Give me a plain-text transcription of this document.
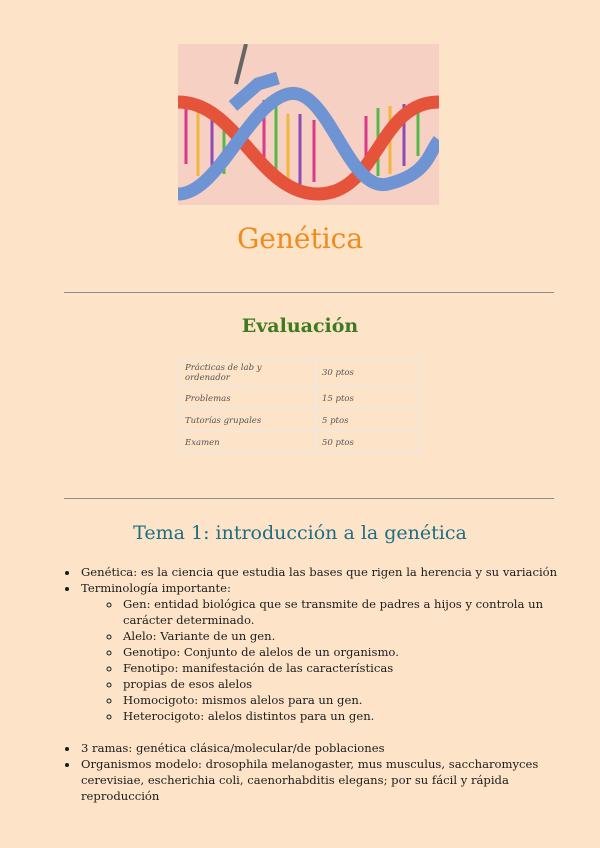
Genética
Evaluación
Prácticas de lab y ordenador	30 ptos
Problemas	15 ptos
Tutorías grupales	5 ptos
Examen	50 ptos
Tema 1: introducción a la genética
• Genética: es la ciencia que estudia las bases que rigen la herencia y su variación
• Terminología importante:
◦ Gen: entidad biológica que se transmite de padres a hijos y controla un carácter determinado.
◦ Alelo: Variante de un gen.
◦ Genotipo: Conjunto de alelos de un organismo.
◦ Fenotipo: manifestación de las características
◦ propias de esos alelos
◦ Homocigoto: mismos alelos para un gen.
◦ Heterocigoto: alelos distintos para un gen.
• 3 ramas: genética clásica/molecular/de poblaciones
• Organismos modelo: drosophila melanogaster, mus musculus, saccharomyces cerevisiae, escherichia coli, caenorhabditis elegans; por su fácil y rápida reproducción
